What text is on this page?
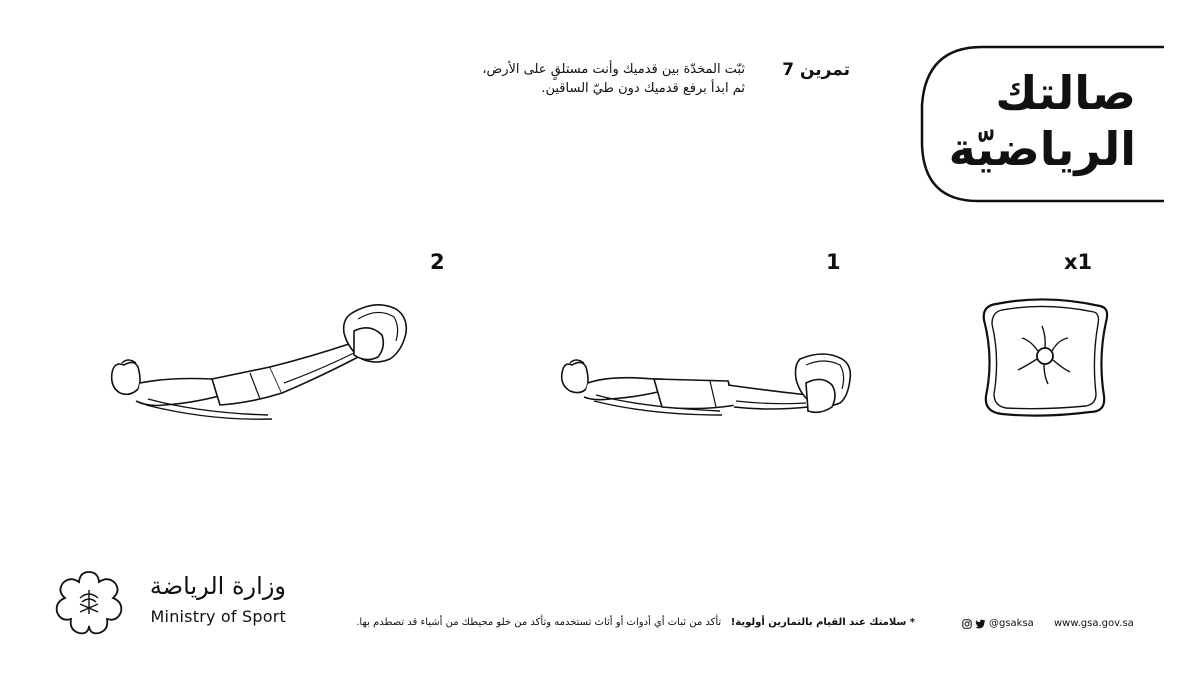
صالتك
الرياضيّة
تمرين 7
ثبّت المخدّة بين قدميك وأنت مستلقٍ على الأرض،
ثم ابدأ برفع قدميك دون طيّ الساقين.
x1
1
2
وزارة الرياضة
Ministry of Sport	* سلامتك عند القيام بالتمارين أولوية!   تأكد من ثبات أي أدوات أو أثاث تستخدمه وتأكد من خلو محيطك من أشياء قد تصطدم بها.	@gsaksa www.gsa.gov.sa
